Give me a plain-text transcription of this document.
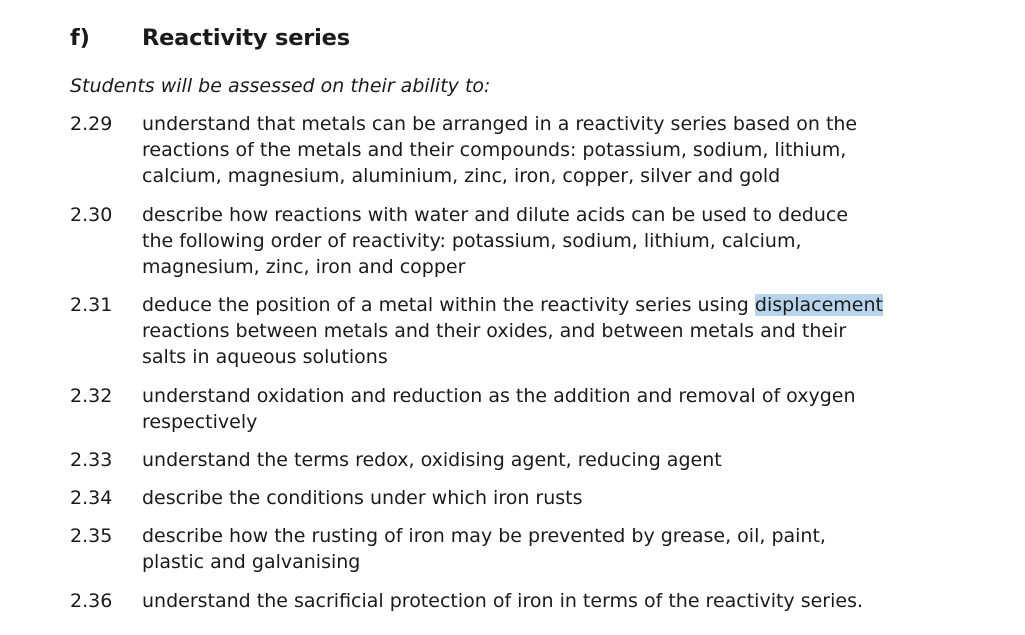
f)	Reactivity series
Students will be assessed on their ability to:
2.29	understand that metals can be arranged in a reactivity series based on the
reactions of the metals and their compounds: potassium, sodium, lithium,
calcium, magnesium, aluminium, zinc, iron, copper, silver and gold
2.30	describe how reactions with water and dilute acids can be used to deduce
the following order of reactivity: potassium, sodium, lithium, calcium,
magnesium, zinc, iron and copper
2.31	deduce the position of a metal within the reactivity series using displacement
reactions between metals and their oxides, and between metals and their
salts in aqueous solutions
2.32	understand oxidation and reduction as the addition and removal of oxygen
respectively
2.33	understand the terms redox, oxidising agent, reducing agent
2.34	describe the conditions under which iron rusts
2.35	describe how the rusting of iron may be prevented by grease, oil, paint,
plastic and galvanising
2.36	understand the sacrificial protection of iron in terms of the reactivity series.
